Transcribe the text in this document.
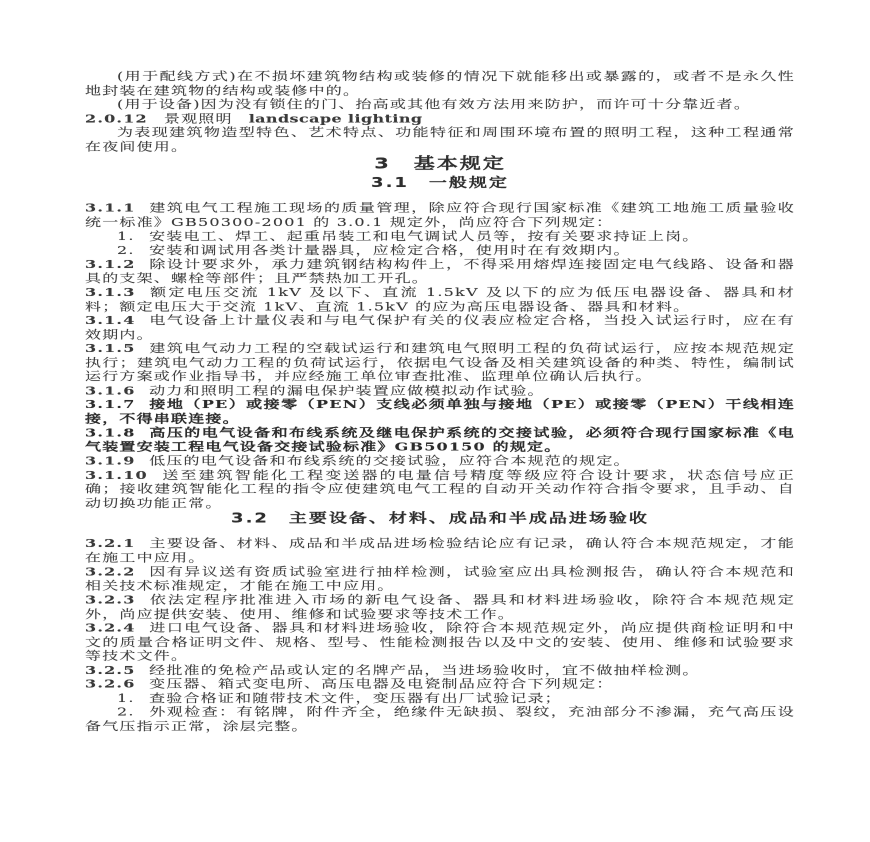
(用于配线方式)在不损坏建筑物结构或装修的情况下就能移出或暴露的，或者不是永久性地封装在建筑物的结构或装修中的。

(用于设备)因为没有锁住的门、抬高或其他有效方法用来防护，而许可十分靠近者。

2.0.12 景观照明 landscape lighting

为表现建筑物造型特色、艺术特点、功能特征和周围环境布置的照明工程，这种工程通常在夜间使用。

3　基本规定

3.1　一般规定

3.1.1 建筑电气工程施工现场的质量管理，除应符合现行国家标准《建筑工地施工质量验收统一标准》GB50300-2001 的 3.0.1 规定外，尚应符合下列规定：

1. 安装电工、焊工、起重吊装工和电气调试人员等，按有关要求持证上岗。

2. 安装和调试用各类计量器具，应检定合格，使用时在有效期内。

3.1.2 除设计要求外，承力建筑钢结构构件上，不得采用熔焊连接固定电气线路、设备和器具的支架、螺栓等部件；且严禁热加工开孔。

3.1.3 额定电压交流 1kV 及以下、直流 1.5kV 及以下的应为低压电器设备、器具和材料；额定电压大于交流 1kV、直流 1.5kV 的应为高压电器设备、器具和材料。

3.1.4 电气设备上计量仪表和与电气保护有关的仪表应检定合格，当投入试运行时，应在有效期内。

3.1.5 建筑电气动力工程的空载试运行和建筑电气照明工程的负荷试运行，应按本规范规定执行；建筑电气动力工程的负荷试运行，依据电气设备及相关建筑设备的种类、特性，编制试运行方案或作业指导书，并应经施工单位审查批准、监理单位确认后执行。

3.1.6 动力和照明工程的漏电保护装置应做模拟动作试验。

3.1.7 接地（PE）或接零（PEN）支线必须单独与接地（PE）或接零（PEN）干线相连接，不得串联连接。

3.1.8 高压的电气设备和布线系统及继电保护系统的交接试验，必须符合现行国家标准《电气装置安装工程电气设备交接试验标准》GB50150 的规定。

3.1.9 低压的电气设备和布线系统的交接试验，应符合本规范的规定。

3.1.10 送至建筑智能化工程变送器的电量信号精度等级应符合设计要求，状态信号应正确；接收建筑智能化工程的指令应使建筑电气工程的自动开关动作符合指令要求，且手动、自动切换功能正常。

3.2　主要设备、材料、成品和半成品进场验收

3.2.1 主要设备、材料、成品和半成品进场检验结论应有记录，确认符合本规范规定，才能在施工中应用。

3.2.2 因有异议送有资质试验室进行抽样检测，试验室应出具检测报告，确认符合本规范和相关技术标准规定，才能在施工中应用。

3.2.3 依法定程序批准进入市场的新电气设备、器具和材料进场验收，除符合本规范规定外，尚应提供安装、使用、维修和试验要求等技术工作。

3.2.4 进口电气设备、器具和材料进场验收，除符合本规范规定外，尚应提供商检证明和中文的质量合格证明文件、规格、型号、性能检测报告以及中文的安装、使用、维修和试验要求等技术文件。

3.2.5 经批准的免检产品或认定的名牌产品，当进场验收时，宜不做抽样检测。

3.2.6 变压器、箱式变电所、高压电器及电瓷制品应符合下列规定：

1. 查验合格证和随带技术文件，变压器有出厂试验记录；

2. 外观检查：有铭牌，附件齐全，绝缘件无缺损、裂纹，充油部分不渗漏，充气高压设备气压指示正常，涂层完整。
